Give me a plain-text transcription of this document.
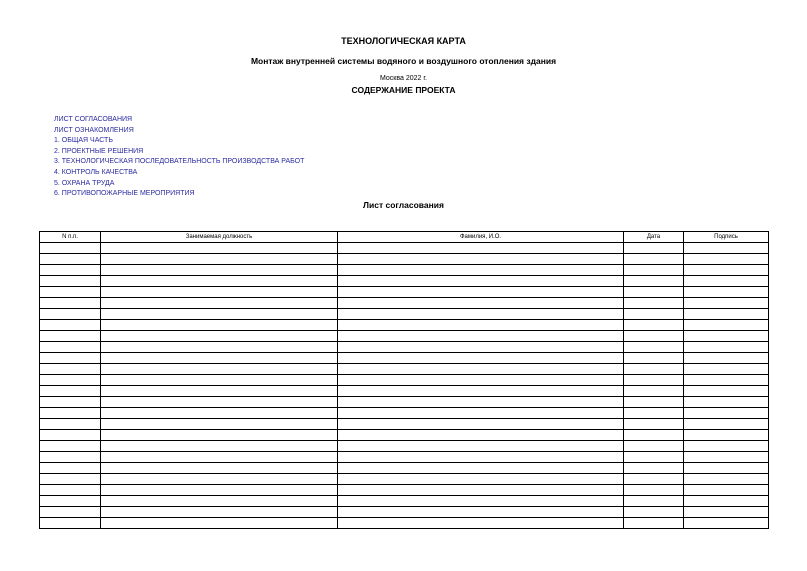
ТЕХНОЛОГИЧЕСКАЯ КАРТА
Монтаж внутренней системы водяного и воздушного отопления здания
Москва 2022 г.
СОДЕРЖАНИЕ ПРОЕКТА
ЛИСТ СОГЛАСОВАНИЯ
ЛИСТ ОЗНАКОМЛЕНИЯ
1. ОБЩАЯ ЧАСТЬ
2. ПРОЕКТНЫЕ РЕШЕНИЯ
3. ТЕХНОЛОГИЧЕСКАЯ ПОСЛЕДОВАТЕЛЬНОСТЬ ПРОИЗВОДСТВА РАБОТ
4. КОНТРОЛЬ КАЧЕСТВА
5. ОХРАНА ТРУДА
6. ПРОТИВОПОЖАРНЫЕ МЕРОПРИЯТИЯ
Лист согласования
N п.п.	Занимаемая должность	Фамилия, И.О.	Дата	Подпись
